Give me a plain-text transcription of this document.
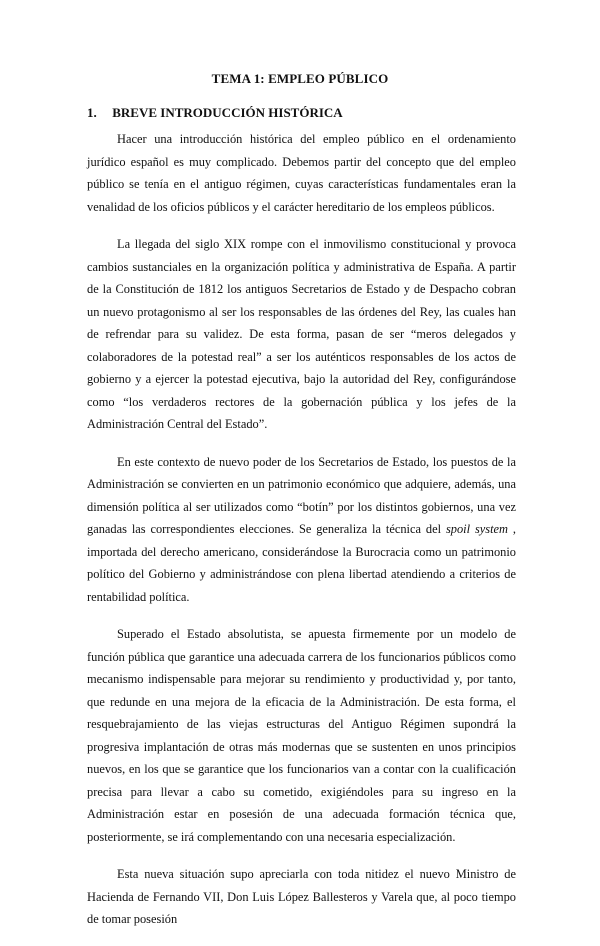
TEMA 1: EMPLEO PÚBLICO
1. BREVE INTRODUCCIÓN HISTÓRICA

Hacer una introducción histórica del empleo público en el ordenamiento jurídico español es muy complicado. Debemos partir del concepto que del empleo público se tenía en el antiguo régimen, cuyas características fundamentales eran la venalidad de los oficios públicos y el carácter hereditario de los empleos públicos.

La llegada del siglo XIX rompe con el inmovilismo constitucional y provoca cambios sustanciales en la organización política y administrativa de España. A partir de la Constitución de 1812 los antiguos Secretarios de Estado y de Despacho cobran un nuevo protagonismo al ser los responsables de las órdenes del Rey, las cuales han de refrendar para su validez. De esta forma, pasan de ser “meros delegados y colaboradores de la potestad real” a ser los auténticos responsables de los actos de gobierno y a ejercer la potestad ejecutiva, bajo la autoridad del Rey, configurándose como “los verdaderos rectores de la gobernación pública y los jefes de la Administración Central del Estado”.

En este contexto de nuevo poder de los Secretarios de Estado, los puestos de la Administración se convierten en un patrimonio económico que adquiere, además, una dimensión política al ser utilizados como “botín” por los distintos gobiernos, una vez ganadas las correspondientes elecciones. Se generaliza la técnica del spoil system , importada del derecho americano, considerándose la Burocracia como un patrimonio político del Gobierno y administrándose con plena libertad atendiendo a criterios de rentabilidad política.

Superado el Estado absolutista, se apuesta firmemente por un modelo de función pública que garantice una adecuada carrera de los funcionarios públicos como mecanismo indispensable para mejorar su rendimiento y productividad y, por tanto, que redunde en una mejora de la eficacia de la Administración. De esta forma, el resquebrajamiento de las viejas estructuras del Antiguo Régimen supondrá la progresiva implantación de otras más modernas que se sustenten en unos principios nuevos, en los que se garantice que los funcionarios van a contar con la cualificación precisa para llevar a cabo su cometido, exigiéndoles para su ingreso en la Administración estar en posesión de una adecuada formación técnica que, posteriormente, se irá complementando con una necesaria especialización.

Esta nueva situación supo apreciarla con toda nitidez el nuevo Ministro de Hacienda de Fernando VII, Don Luis López Ballesteros y Varela que, al poco tiempo de tomar posesión
